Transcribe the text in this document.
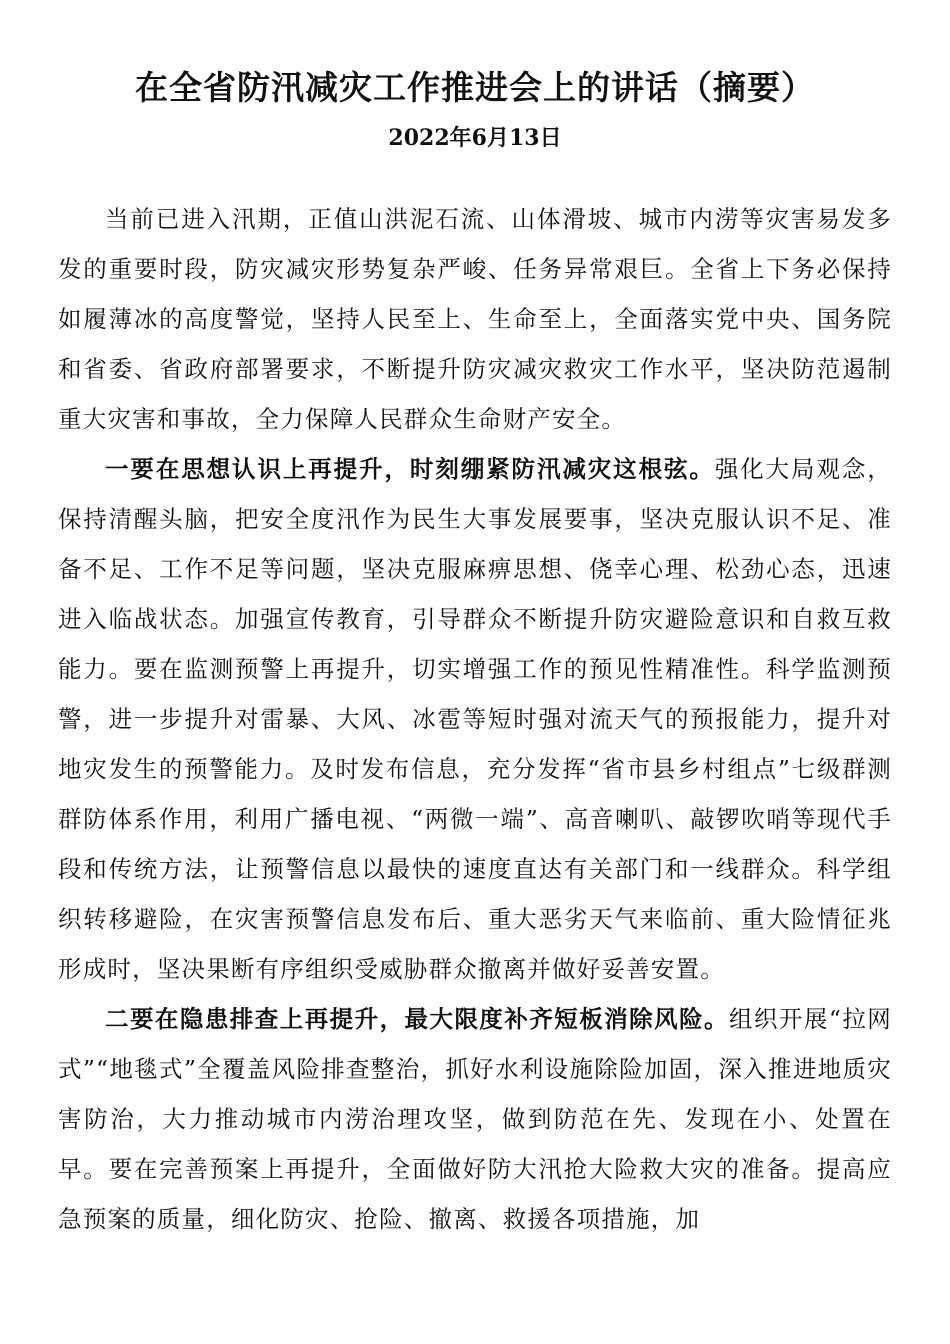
在全省防汛减灾工作推进会上的讲话（摘要）
2022年6月13日

当前已进入汛期，正值山洪泥石流、山体滑坡、城市内涝等灾害易发多发的重要时段，防灾减灾形势复杂严峻、任务异常艰巨。全省上下务必保持如履薄冰的高度警觉，坚持人民至上、生命至上，全面落实党中央、国务院和省委、省政府部署要求，不断提升防灾减灾救灾工作水平，坚决防范遏制重大灾害和事故，全力保障人民群众生命财产安全。

一要在思想认识上再提升，时刻绷紧防汛减灾这根弦。强化大局观念，保持清醒头脑，把安全度汛作为民生大事发展要事，坚决克服认识不足、准备不足、工作不足等问题，坚决克服麻痹思想、侥幸心理、松劲心态，迅速进入临战状态。加强宣传教育，引导群众不断提升防灾避险意识和自救互救能力。要在监测预警上再提升，切实增强工作的预见性精准性。科学监测预警，进一步提升对雷暴、大风、冰雹等短时强对流天气的预报能力，提升对地灾发生的预警能力。及时发布信息，充分发挥“省市县乡村组点”七级群测群防体系作用，利用广播电视、“两微一端”、高音喇叭、敲锣吹哨等现代手段和传统方法，让预警信息以最快的速度直达有关部门和一线群众。科学组织转移避险，在灾害预警信息发布后、重大恶劣天气来临前、重大险情征兆形成时，坚决果断有序组织受威胁群众撤离并做好妥善安置。

二要在隐患排查上再提升，最大限度补齐短板消除风险。组织开展“拉网式”“地毯式”全覆盖风险排查整治，抓好水利设施除险加固，深入推进地质灾害防治，大力推动城市内涝治理攻坚，做到防范在先、发现在小、处置在早。要在完善预案上再提升，全面做好防大汛抢大险救大灾的准备。提高应急预案的质量，细化防灾、抢险、撤离、救援各项措施，加
